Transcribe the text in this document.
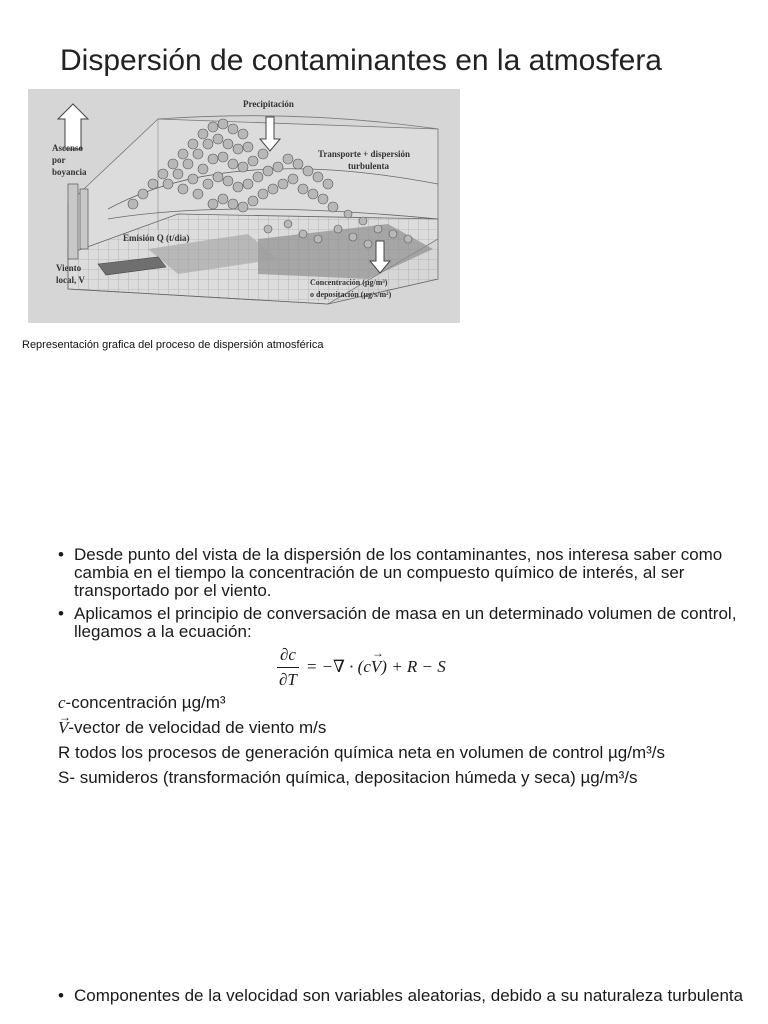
Dispersión de contaminantes en la atmosfera
Precipitación
Ascenso
por
boyancia
Transporte + dispersión
turbulenta
Emisión Q (t/dia)
Viento
local, V	Concentración (µg/m³)
o depositación (µg/s/m²)
Representación grafica del proceso de dispersión atmosférica
• Desde punto del vista de la dispersión de los contaminantes, nos interesa saber como cambia en el tiempo la concentración de un compuesto químico de interés, al ser transportado por el viento.
• Aplicamos el principio de conversación de masa en un determinado volumen de control, llegamos a la ecuación:
$\frac{\partial c}{\partial T}$ = −∇ · (c
→ V ) + R − S
c-concentración µg/m³
→ V-vector de velocidad de viento m/s
R todos los procesos de generación química neta en volumen de control µg/m³/s
S- sumideros (transformación química, depositacion húmeda y seca) µg/m³/s
• Componentes de la velocidad son variables aleatorias, debido a su naturaleza turbulenta
